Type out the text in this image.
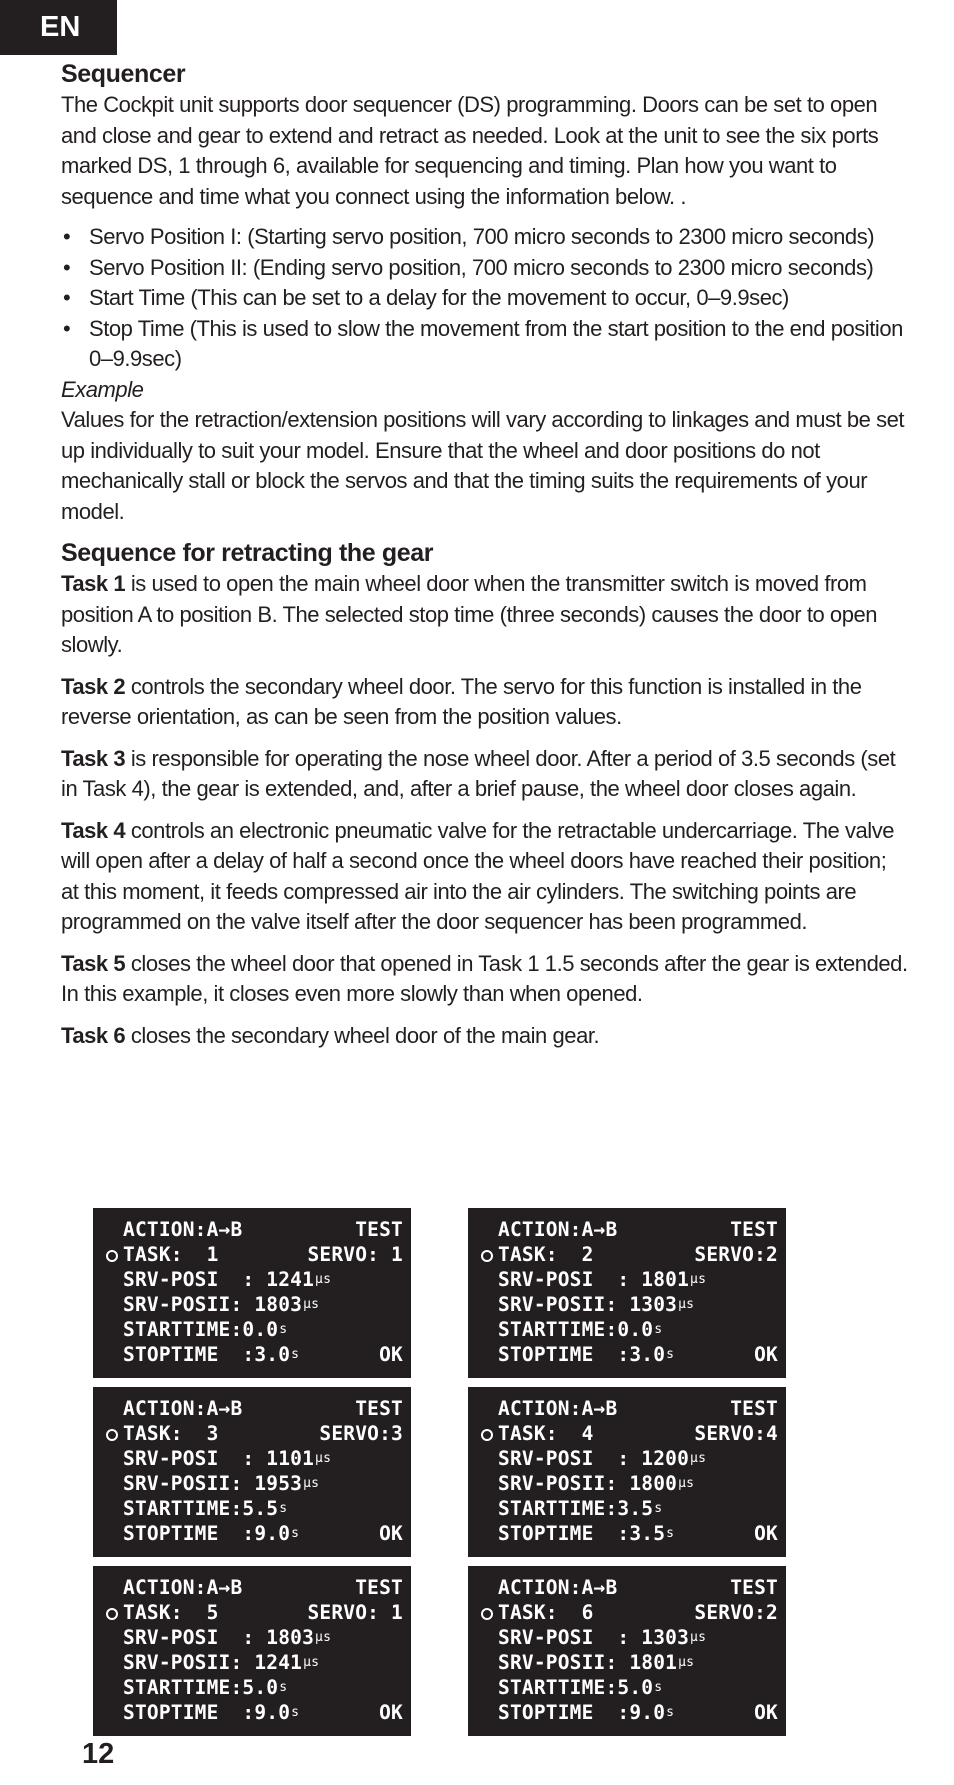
EN
Sequencer

The Cockpit unit supports door sequencer (DS) programming. Doors can be set to open and close and gear to extend and retract as needed. Look at the unit to see the six ports marked DS, 1 through 6, available for sequencing and timing. Plan how you want to sequence and time what you connect using the information below. .

• Servo Position I: (Starting servo position, 700 micro seconds to 2300 micro seconds)
• Servo Position II: (Ending servo position, 700 micro seconds to 2300 micro seconds)
• Start Time (This can be set to a delay for the movement to occur, 0–9.9sec)
• Stop Time (This is used to slow the movement from the start position to the end position 0–9.9sec)

Example

Values for the retraction/extension positions will vary according to linkages and must be set up individually to suit your model. Ensure that the wheel and door positions do not mechanically stall or block the servos and that the timing suits the requirements of your model.

Sequence for retracting the gear

Task 1 is used to open the main wheel door when the transmitter switch is moved from position A to position B. The selected stop time (three seconds) causes the door to open slowly.

Task 2 controls the secondary wheel door. The servo for this function is installed in the reverse orientation, as can be seen from the position values.

Task 3 is responsible for operating the nose wheel door. After a period of 3.5 seconds (set in Task 4), the gear is extended, and, after a brief pause, the wheel door closes again.

Task 4 controls an electronic pneumatic valve for the retractable undercarriage. The valve will open after a delay of half a second once the wheel doors have reached their position; at this moment, it feeds compressed air into the air cylinders. The switching points are programmed on the valve itself after the door sequencer has been programmed.

Task 5 closes the wheel door that opened in Task 1 1.5 seconds after the gear is extended. In this example, it closes even more slowly than when opened.

Task 6 closes the secondary wheel door of the main gear.

ACTION:A→B	TEST
TASK:  1	SERVO: 1
SRV-POSI  : 1241 μs
SRV-POSII: 1803 μs
STARTTIME: 0.0 s
STOPTIME  : 3.0 s	OK
ACTION:A→B	TEST
TASK:  2	SERVO:2
SRV-POSI  : 1801 μs
SRV-POSII: 1303 μs
STARTTIME: 0.0 s
STOPTIME  : 3.0 s	OK
ACTION:A→B	TEST
TASK:  3	SERVO:3
SRV-POSI  : 1101 μs
SRV-POSII: 1953 μs
STARTTIME: 5.5 s
STOPTIME  : 9.0 s	OK
ACTION:A→B	TEST
TASK:  4	SERVO:4
SRV-POSI  : 1200 μs
SRV-POSII: 1800 μs
STARTTIME: 3.5 s
STOPTIME  : 3.5 s	OK
ACTION:A→B	TEST
TASK:  5	SERVO: 1
SRV-POSI  : 1803 μs
SRV-POSII: 1241 μs
STARTTIME: 5.0 s
STOPTIME  : 9.0 s	OK
ACTION:A→B	TEST
TASK:  6	SERVO:2
SRV-POSI  : 1303 μs
SRV-POSII: 1801 μs
STARTTIME: 5.0 s
STOPTIME  : 9.0 s	OK
12
